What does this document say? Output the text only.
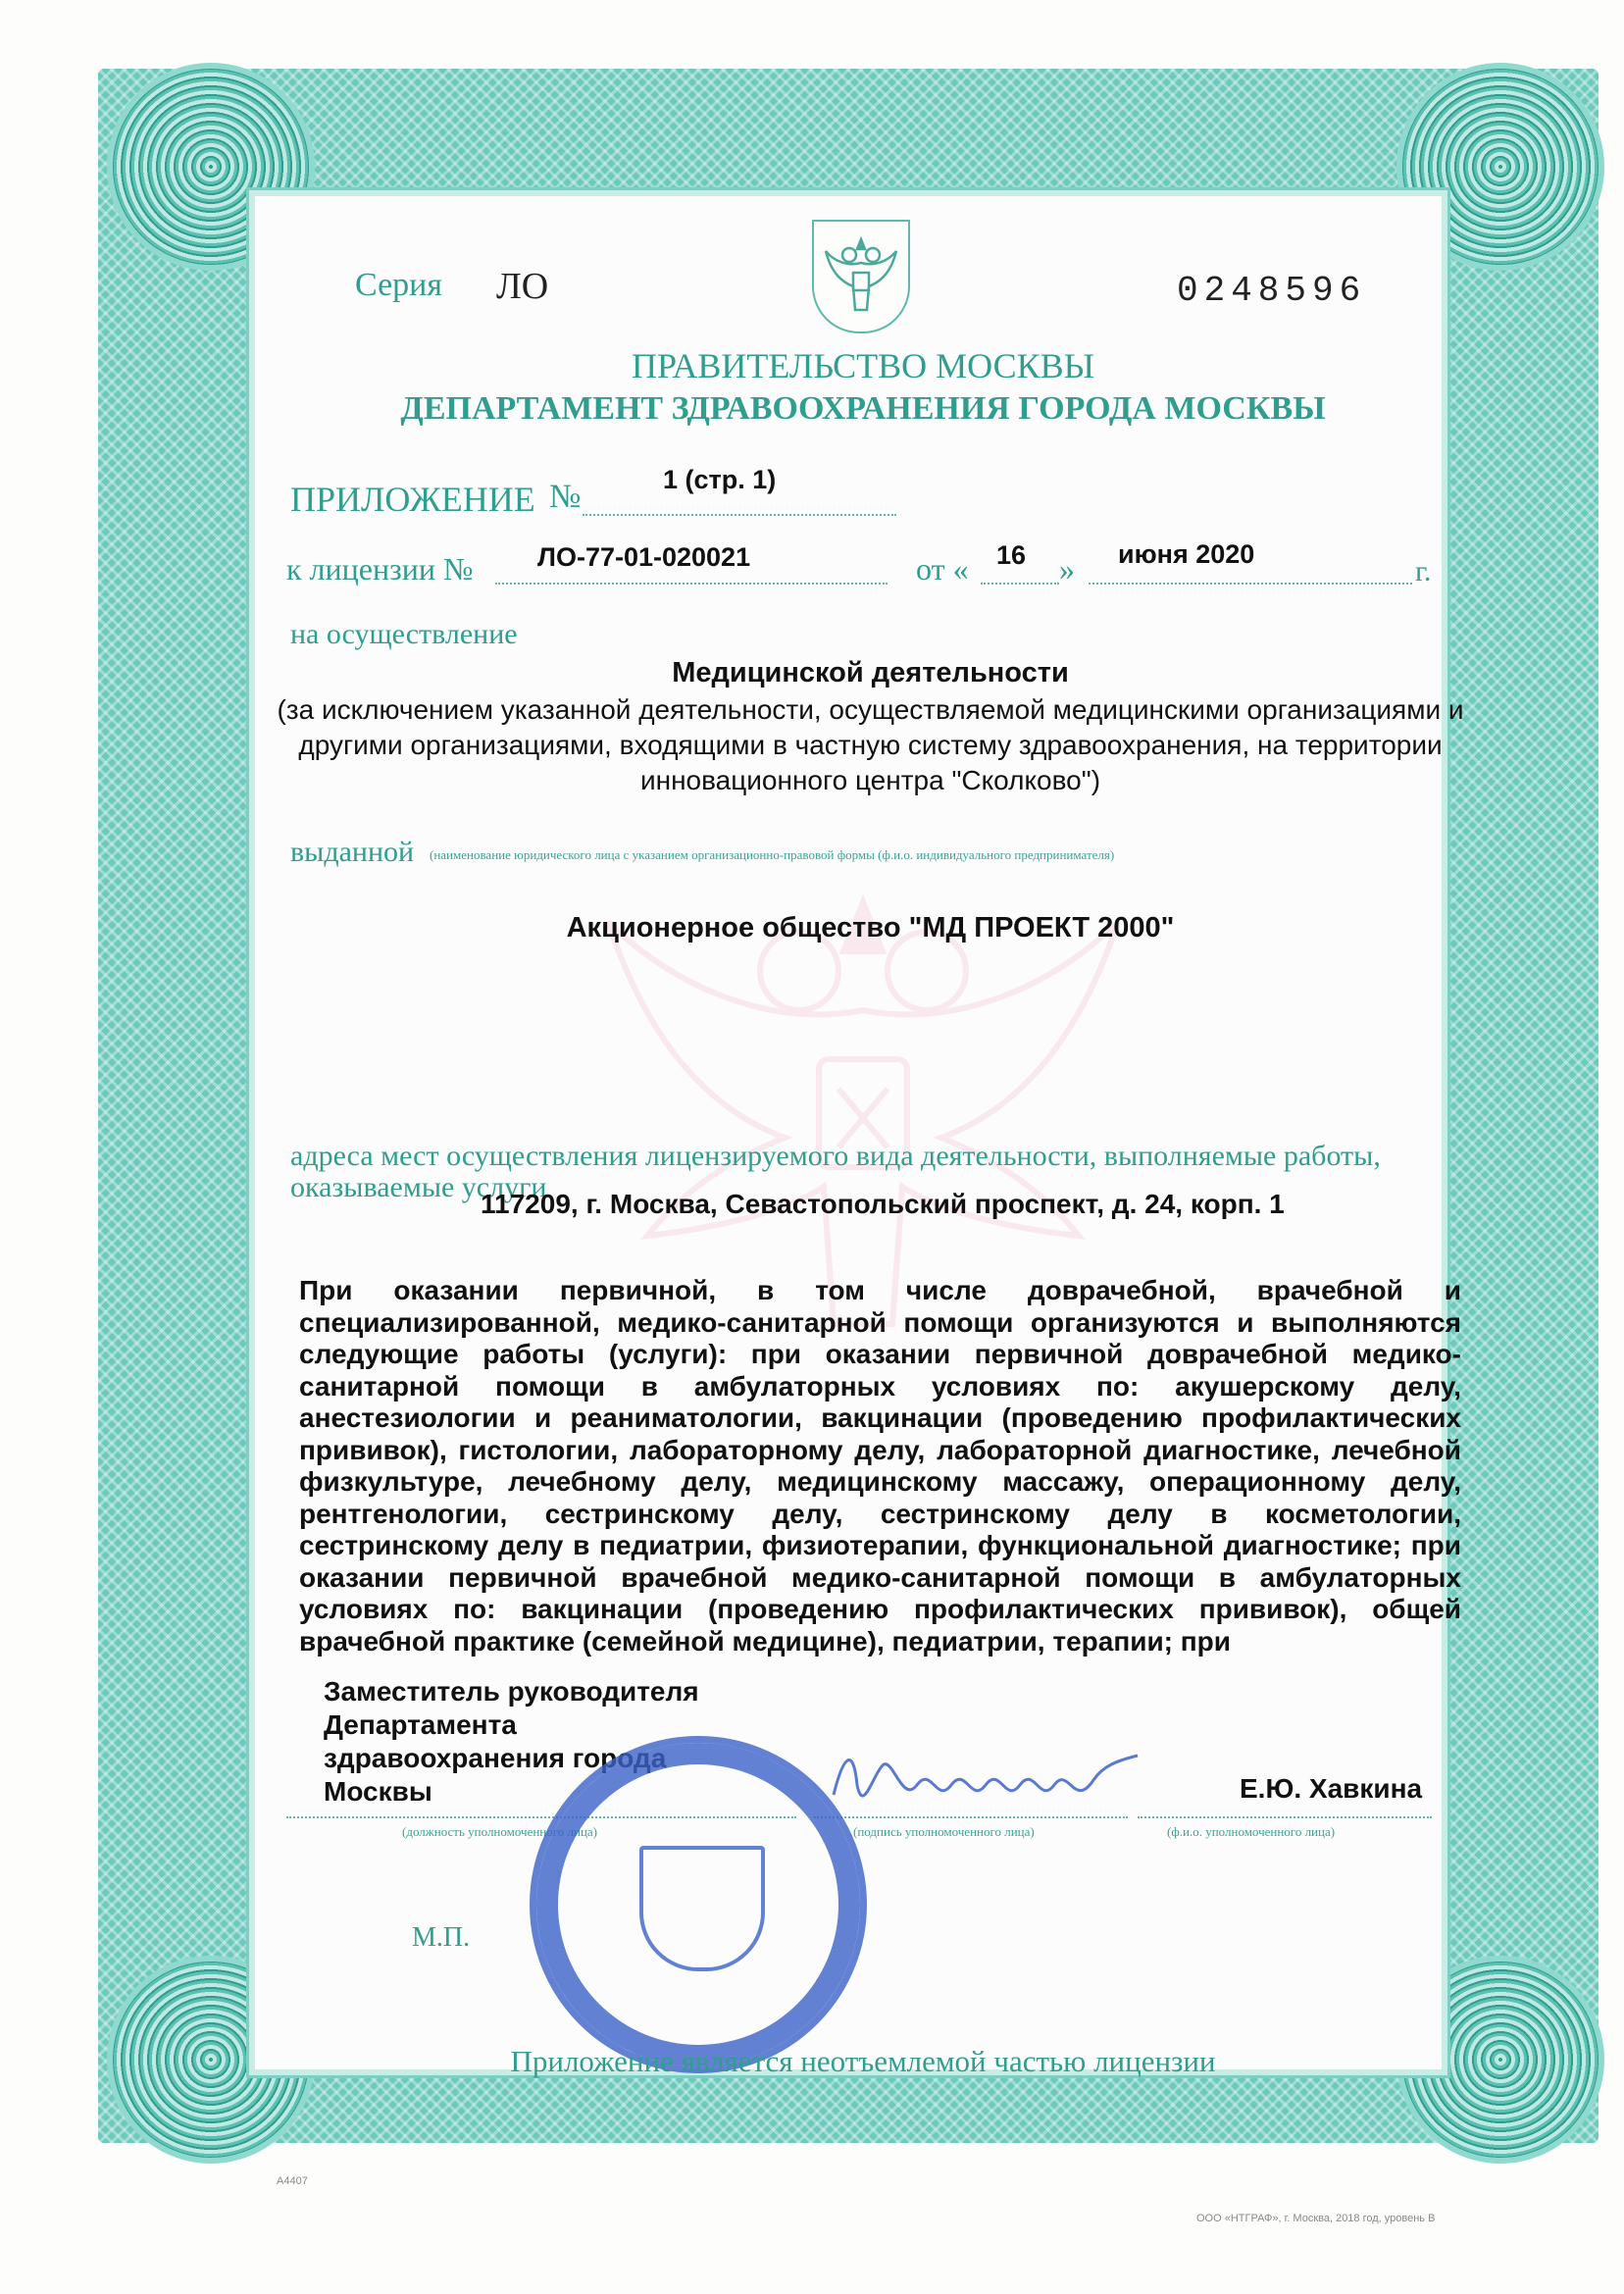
Серия ЛО	0248596
ПРАВИТЕЛЬСТВО МОСКВЫ
ДЕПАРТАМЕНТ ЗДРАВООХРАНЕНИЯ ГОРОДА МОСКВЫ
ПРИЛОЖЕНИЕ №	1 (стр. 1)
к лицензии № ЛО-77-01-020021	от « 16 » июня 2020
г.
на осуществление
Медицинской деятельности
(за исключением указанной деятельности, осуществляемой медицинскими организациями и другими организациями, входящими в частную систему здравоохранения, на территории инновационного центра "Сколково")
выданной (наименование юридического лица с указанием организационно-правовой формы (ф.и.о. индивидуального предпринимателя)
Акционерное общество "МД ПРОЕКТ 2000"
адреса мест осуществления лицензируемого вида деятельности, выполняемые работы,
оказываемые услуги
117209, г. Москва, Севастопольский проспект, д. 24, корп. 1
При оказании первичной, в том числе доврачебной, врачебной и специализированной, медико-санитарной помощи организуются и выполняются следующие работы (услуги): при оказании первичной доврачебной медико-санитарной помощи в амбулаторных условиях по: акушерскому делу, анестезиологии и реаниматологии, вакцинации (проведению профилактических прививок), гистологии, лабораторному делу, лабораторной диагностике, лечебной физкультуре, лечебному делу, медицинскому массажу, операционному делу, рентгенологии, сестринскому делу, сестринскому делу в косметологии, сестринскому делу в педиатрии, физиотерапии, функциональной диагностике; при оказании первичной врачебной медико-санитарной помощи в амбулаторных условиях по: вакцинации (проведению профилактических прививок), общей врачебной практике (семейной медицине), педиатрии, терапии; при
Заместитель руководителя
Департамента
здравоохранения города
Москвы	Е.Ю. Хавкина
(должность уполномоченного лица)	(подпись уполномоченного лица)	(ф.и.о. уполномоченного лица)
М.П.
Приложение является неотъемлемой частью лицензии
А4407
ООО «НТГРАФ», г. Москва, 2018 год, уровень В
